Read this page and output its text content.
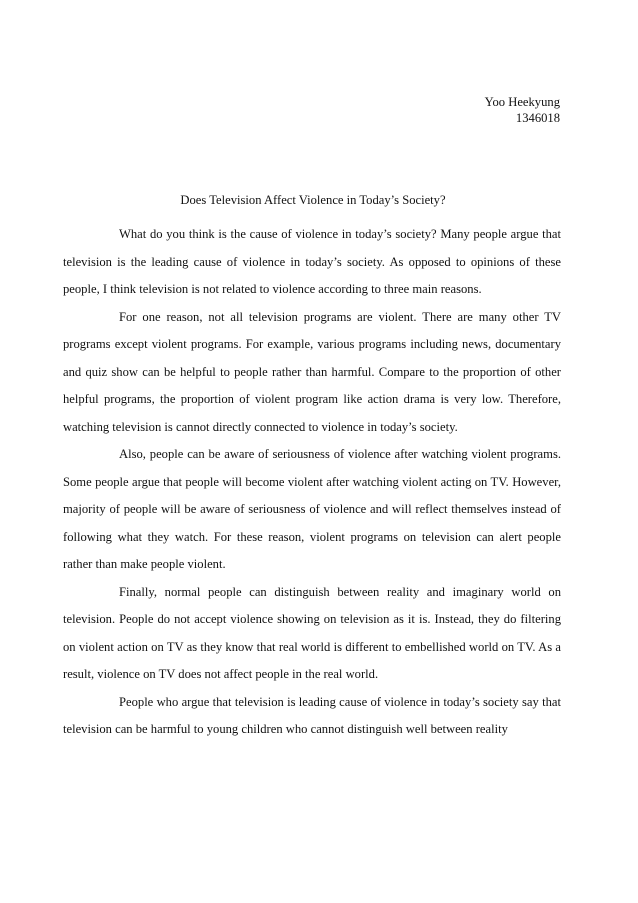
Yoo Heekyung
1346018
Does Television Affect Violence in Today’s Society?

What do you think is the cause of violence in today’s society? Many people argue that television is the leading cause of violence in today’s society. As opposed to opinions of these people, I think television is not related to violence according to three main reasons.

For one reason, not all television programs are violent. There are many other TV programs except violent programs. For example, various programs including news, documentary and quiz show can be helpful to people rather than harmful. Compare to the proportion of other helpful programs, the proportion of violent program like action drama is very low. Therefore, watching television is cannot directly connected to violence in today’s society.

Also, people can be aware of seriousness of violence after watching violent programs. Some people argue that people will become violent after watching violent acting on TV. However, majority of people will be aware of seriousness of violence and will reflect themselves instead of following what they watch. For these reason, violent programs on television can alert people rather than make people violent.

Finally, normal people can distinguish between reality and imaginary world on television. People do not accept violence showing on television as it is. Instead, they do filtering on violent action on TV as they know that real world is different to embellished world on TV. As a result, violence on TV does not affect people in the real world.

People who argue that television is leading cause of violence in today’s society say that television can be harmful to young children who cannot distinguish well between reality
